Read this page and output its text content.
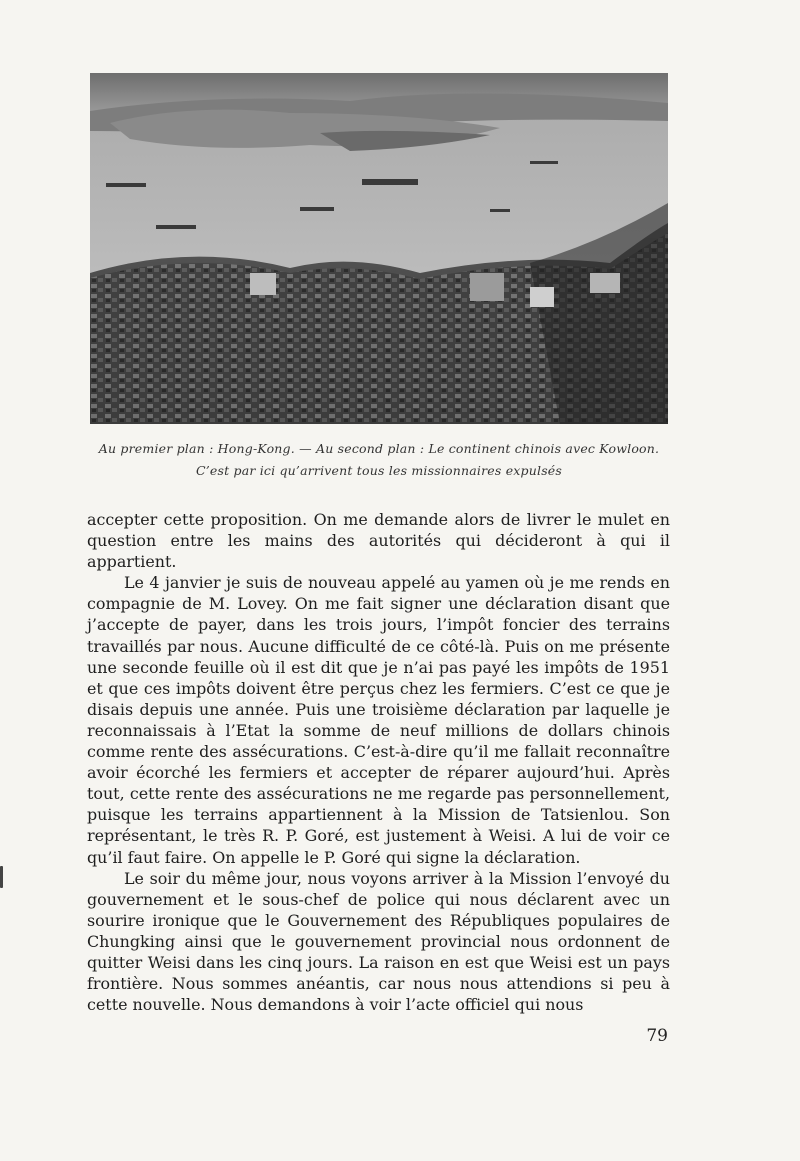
Au premier plan : Hong-Kong. — Au second plan : Le continent chinois avec Kowloon.
C’est par ici qu’arrivent tous les missionnaires expulsés

accepter cette proposition. On me demande alors de livrer le mulet en question entre les mains des autorités qui décideront à qui il appartient.

Le 4 janvier je suis de nouveau appelé au yamen où je me rends en compagnie de M. Lovey. On me fait signer une déclaration disant que j’accepte de payer, dans les trois jours, l’impôt foncier des terrains travaillés par nous. Aucune difficulté de ce côté-là. Puis on me présente une seconde feuille où il est dit que je n’ai pas payé les impôts de 1951 et que ces impôts doivent être perçus chez les fermiers. C’est ce que je disais depuis une année. Puis une troisième déclaration par laquelle je reconnaissais à l’Etat la somme de neuf millions de dollars chinois comme rente des assécurations. C’est-à-dire qu’il me fallait reconnaître avoir écorché les fermiers et accepter de réparer aujourd’hui. Après tout, cette rente des assécurations ne me regarde pas personnellement, puisque les terrains appartiennent à la Mission de Tatsienlou. Son représentant, le très R. P. Goré, est justement à Weisi. A lui de voir ce qu’il faut faire. On appelle le P. Goré qui signe la déclaration.

Le soir du même jour, nous voyons arriver à la Mission l’envoyé du gouvernement et le sous-chef de police qui nous déclarent avec un sourire ironique que le Gouvernement des Républiques populaires de Chungking ainsi que le gouvernement provincial nous ordonnent de quitter Weisi dans les cinq jours. La raison en est que Weisi est un pays frontière. Nous sommes anéantis, car nous nous attendions si peu à cette nouvelle. Nous demandons à voir l’acte officiel qui nous

79
